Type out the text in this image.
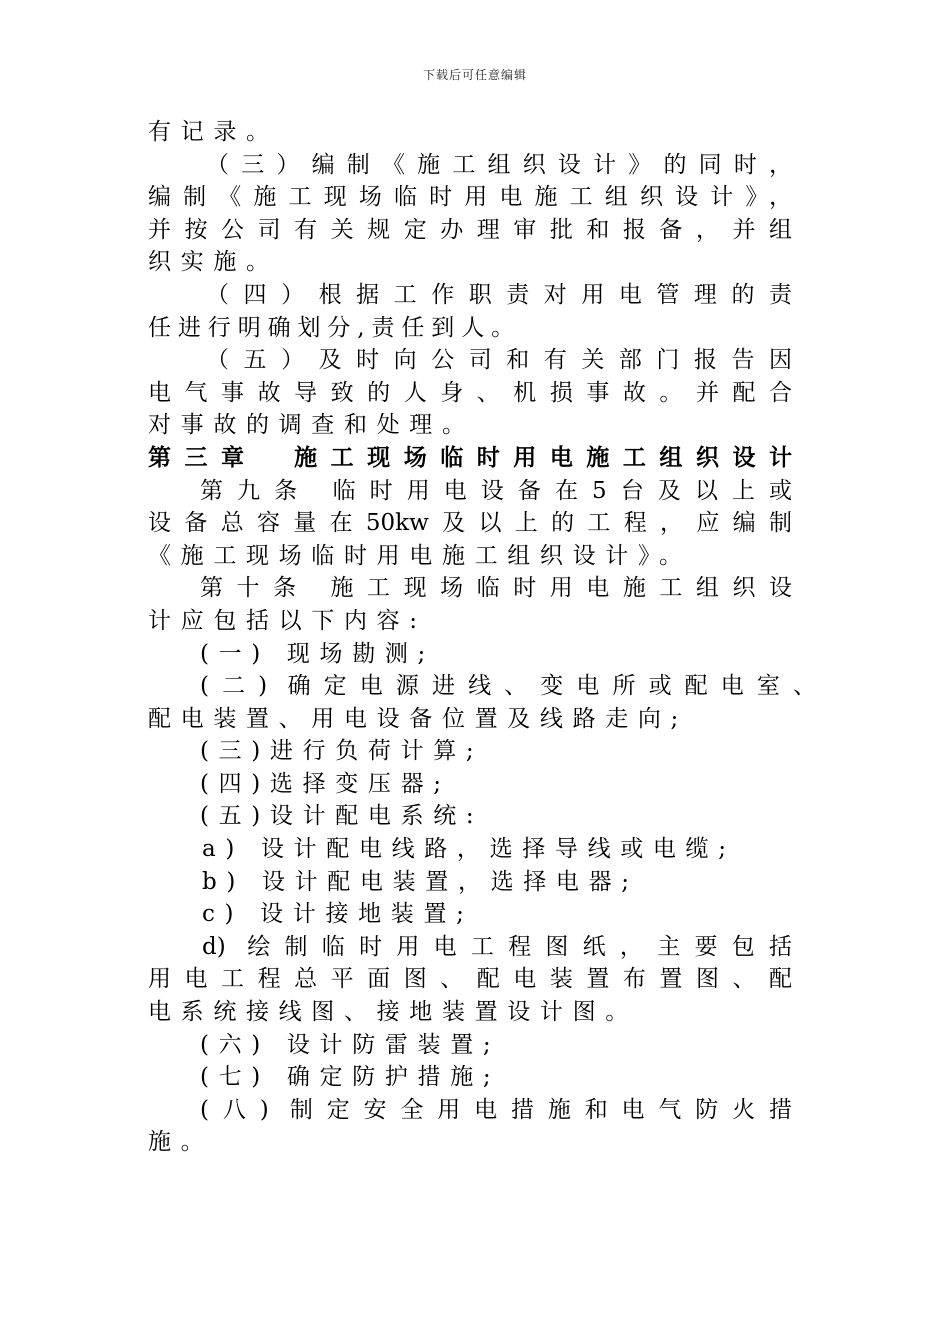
下载后可任意编辑
有记录。
（三）编制《施工组织设计》的同时，
编制《施工现场临时用电施工组织设计》，
并按公司有关规定办理审批和报备，并组
织实施。
（四）根据工作职责对用电管理的责
任进行明确划分,责任到人。
（五）及时向公司和有关部门报告因
电气事故导致的人身、机损事故。并配合
对事故的调查和处理。
第三章　施工现场临时用电施工组织设计
第九条 临时用电设备在5台及以上或
设备总容量在50kw及以上的工程，应编制
《施工现场临时用电施工组织设计》。
第十条 施工现场临时用电施工组织设
计应包括以下内容:
(一) 现场勘测;
(二) 确定电源进线、变电所或配电室、
配电装置、用电设备位置及线路走向;
(三)进行负荷计算;
(四)选择变压器;
(五)设计配电系统:
a) 设计配电线路，选择导线或电缆;
b) 设计配电装置，选择电器;
c) 设计接地装置;
d) 绘制临时用电工程图纸，主要包括
用电工程总平面图、配电装置布置图、配
电系统接线图、接地装置设计图。
(六) 设计防雷装置;
(七) 确定防护措施;
(八) 制定安全用电措施和电气防火措
施。
